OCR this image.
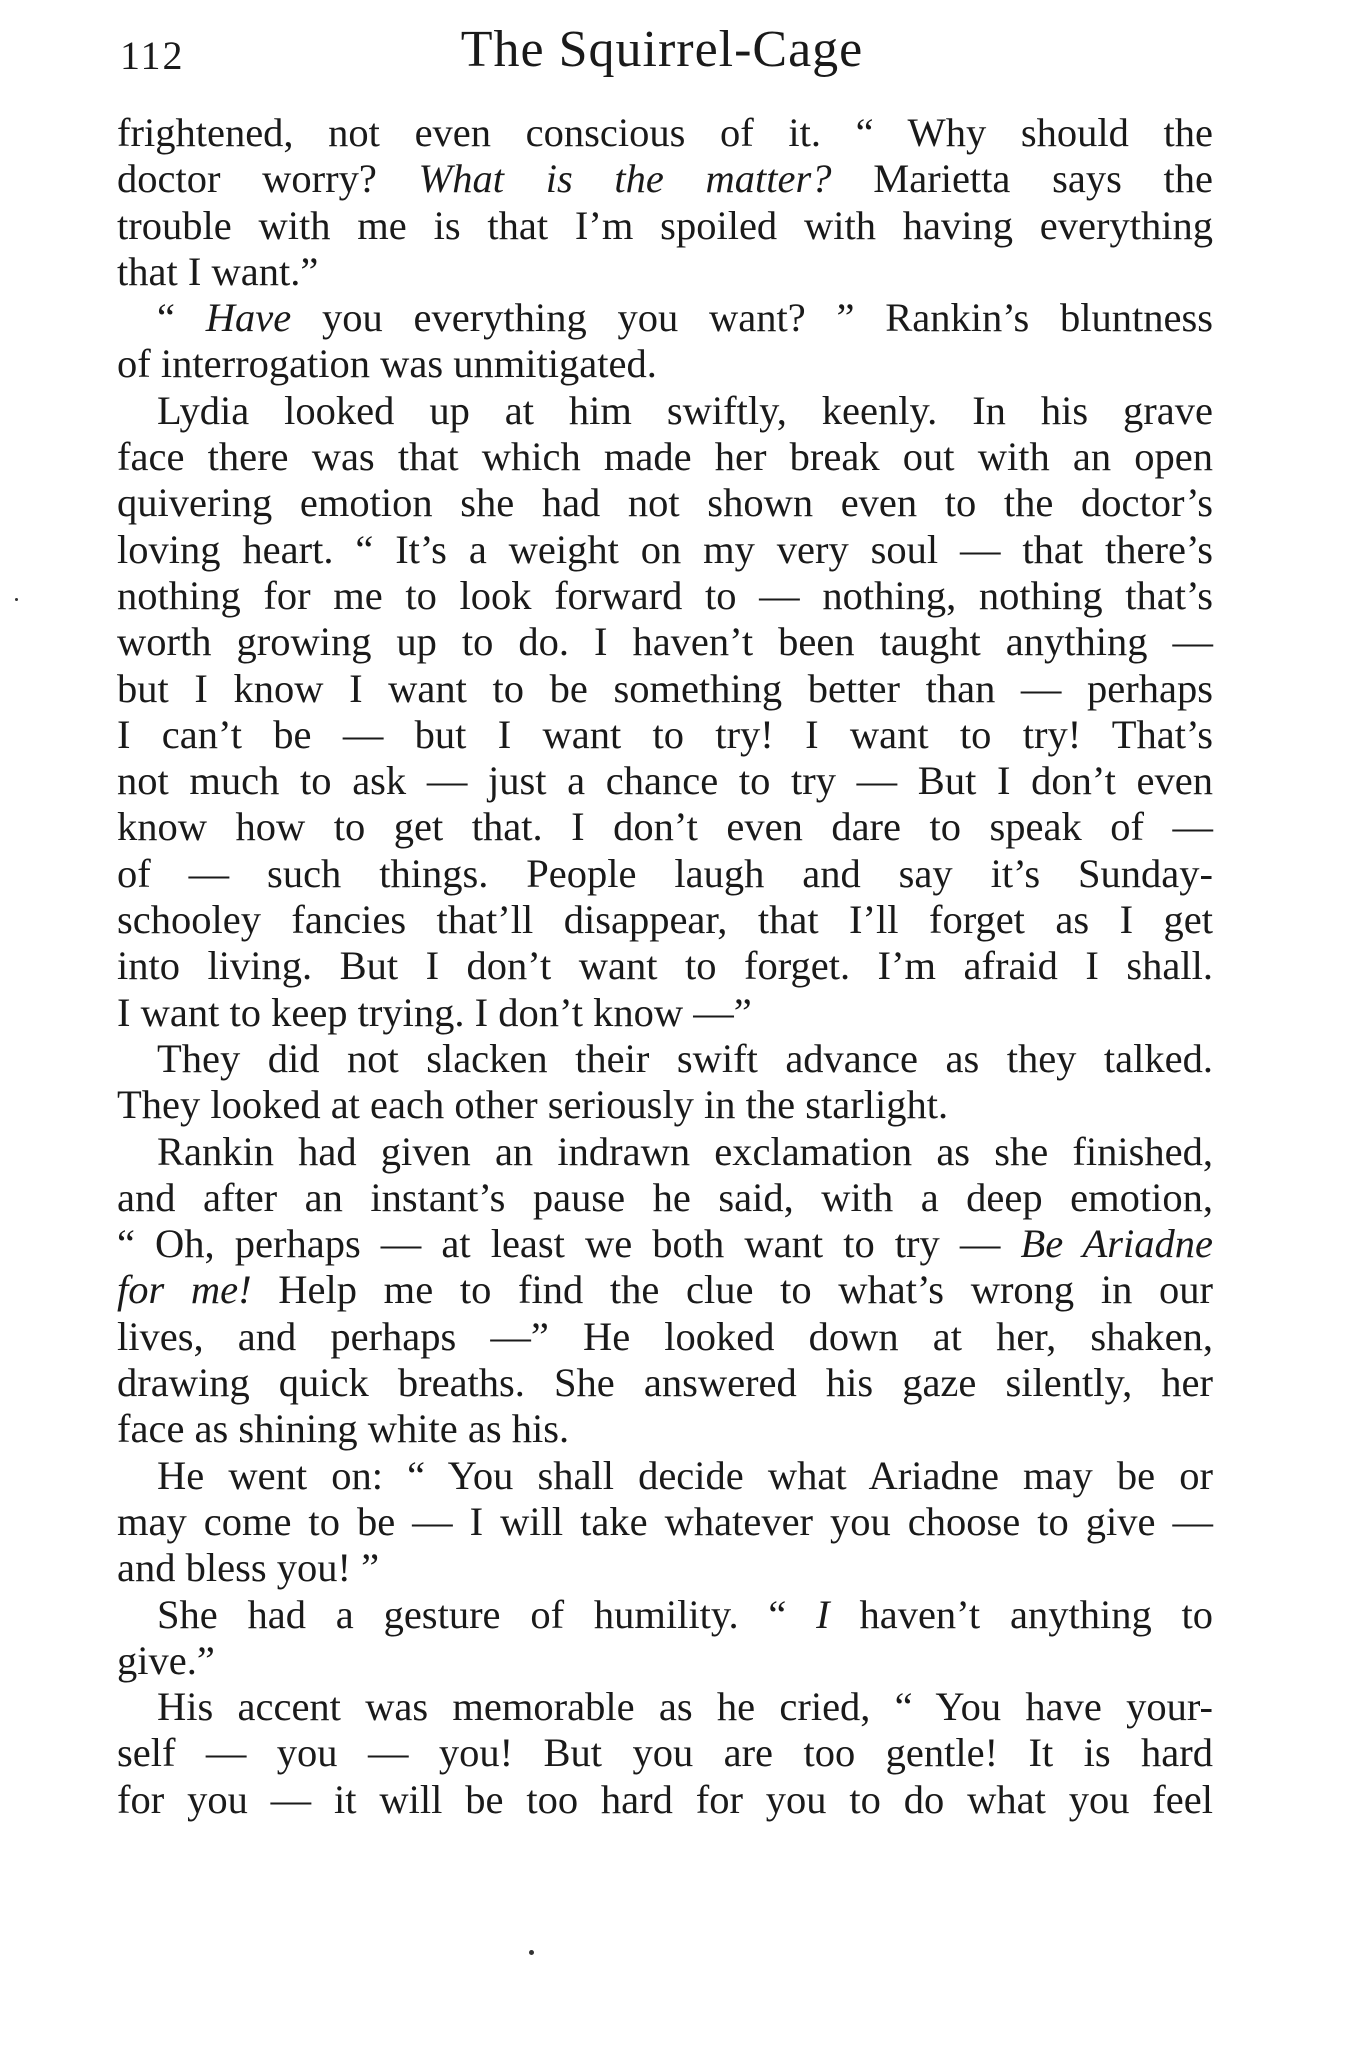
112	The Squirrel-Cage
frightened, not even conscious of it. “ Why should the
doctor worry? What is the matter? Marietta says the
trouble with me is that I’m spoiled with having everything
that I want.”
“ Have you everything you want? ” Rankin’s bluntness
of interrogation was unmitigated.
Lydia looked up at him swiftly, keenly. In his grave
face there was that which made her break out with an open
quivering emotion she had not shown even to the doctor’s
loving heart. “ It’s a weight on my very soul — that there’s
nothing for me to look forward to — nothing, nothing that’s
worth growing up to do. I haven’t been taught anything —
but I know I want to be something better than — perhaps
I can’t be — but I want to try! I want to try! That’s
not much to ask — just a chance to try — But I don’t even
know how to get that. I don’t even dare to speak of —
of — such things. People laugh and say it’s Sunday-
schooley fancies that’ll disappear, that I’ll forget as I get
into living. But I don’t want to forget. I’m afraid I shall.
I want to keep trying. I don’t know —”
They did not slacken their swift advance as they talked.
They looked at each other seriously in the starlight.
Rankin had given an indrawn exclamation as she finished,
and after an instant’s pause he said, with a deep emotion,
“ Oh, perhaps — at least we both want to try — Be Ariadne
for me! Help me to find the clue to what’s wrong in our
lives, and perhaps —” He looked down at her, shaken,
drawing quick breaths. She answered his gaze silently, her
face as shining white as his.
He went on: “ You shall decide what Ariadne may be or
may come to be — I will take whatever you choose to give —
and bless you! ”
She had a gesture of humility. “ I haven’t anything to
give.”
His accent was memorable as he cried, “ You have your-
self — you — you! But you are too gentle! It is hard
for you — it will be too hard for you to do what you feel
